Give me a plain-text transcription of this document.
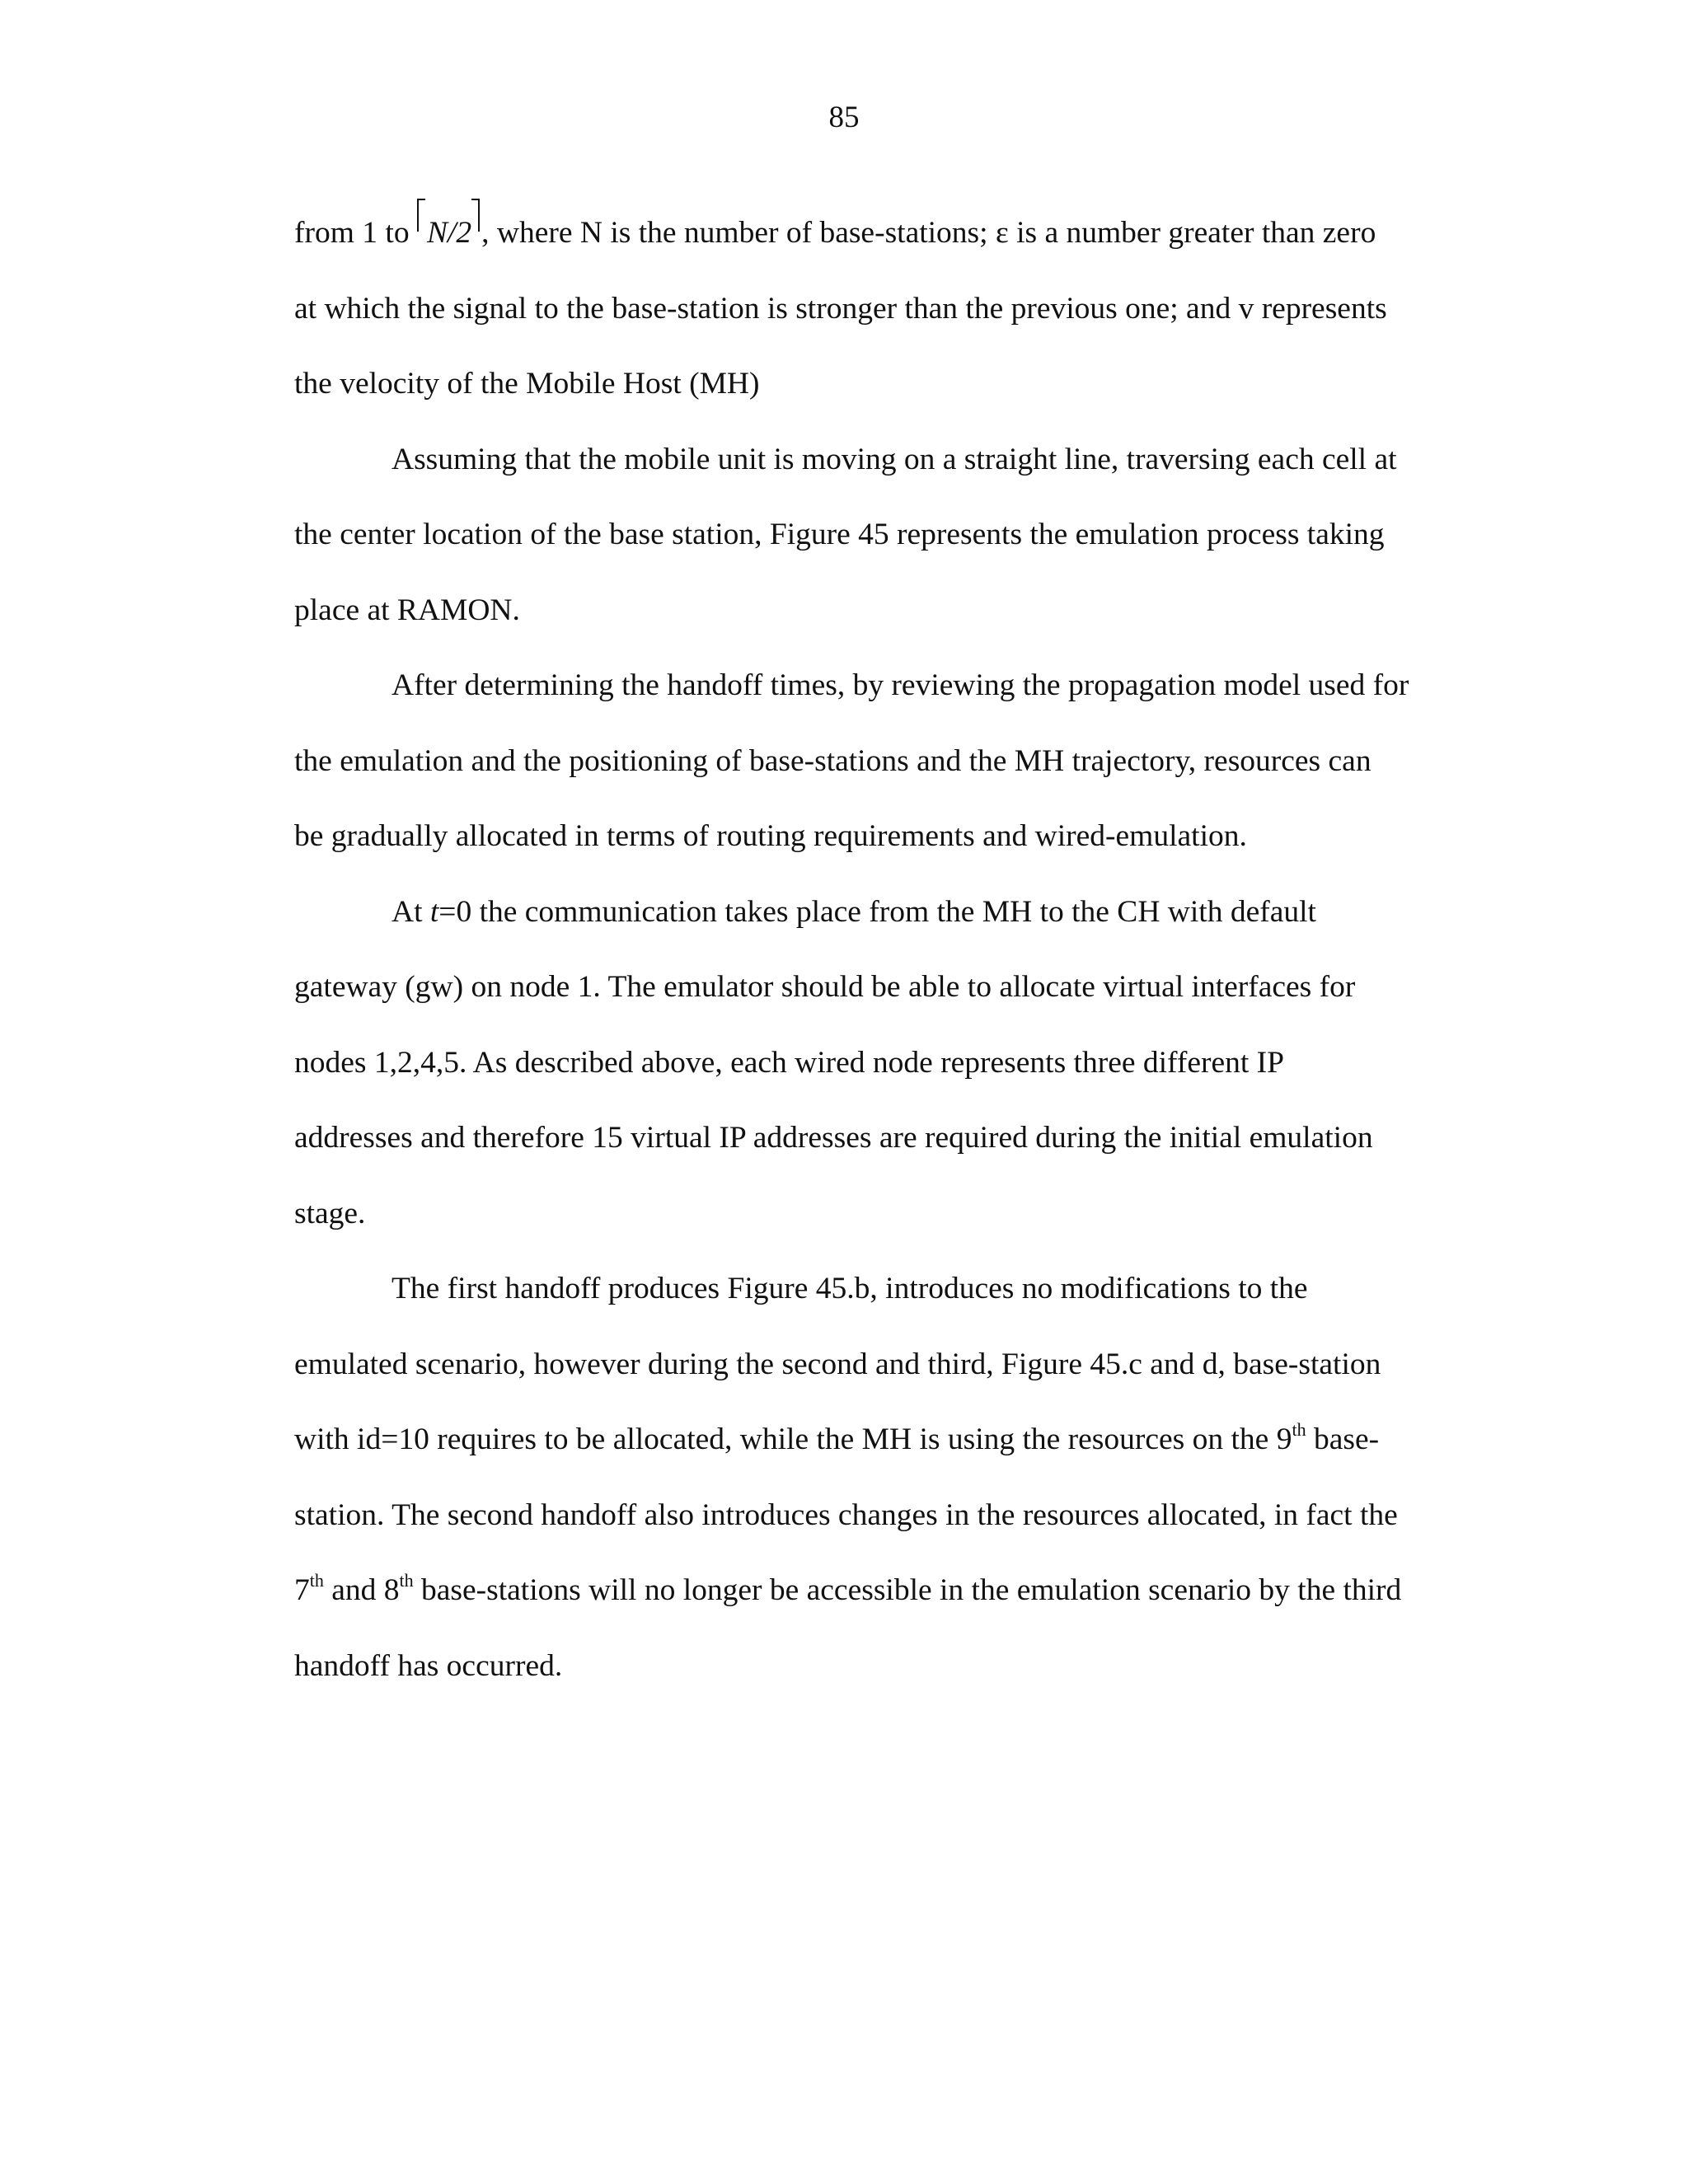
85
from 1 to N/2 , where N is the number of base-stations; ε is a number greater than zero
at which the signal to the base-station is stronger than the previous one; and v represents
the velocity of the Mobile Host (MH)
Assuming that the mobile unit is moving on a straight line, traversing each cell at
the center location of the base station, Figure 45 represents the emulation process taking
place at RAMON.
After determining the handoff times, by reviewing the propagation model used for
the emulation and the positioning of base-stations and the MH trajectory, resources can
be gradually allocated in terms of routing requirements and wired-emulation.
At t=0 the communication takes place from the MH to the CH with default
gateway (gw) on node 1. The emulator should be able to allocate virtual interfaces for
nodes 1,2,4,5. As described above, each wired node represents three different IP
addresses and therefore 15 virtual IP addresses are required during the initial emulation
stage.
The first handoff produces Figure 45.b, introduces no modifications to the
emulated scenario, however during the second and third, Figure 45.c and d, base-station
with id=10 requires to be allocated, while the MH is using the resources on the 9th base-
station. The second handoff also introduces changes in the resources allocated, in fact the
7th and 8th base-stations will no longer be accessible in the emulation scenario by the third
handoff has occurred.
